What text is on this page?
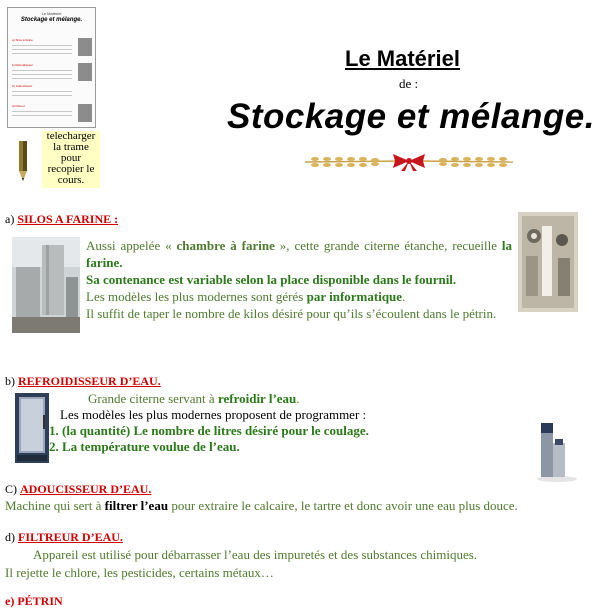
Le Matériel
Stockage et mélange.
a) Silos à farine
b) Refroidisseur
C) Adoucisseur
d) Filtreur
telecharger la trame pour recopier le cours.
Le Matériel
de :
Stockage et mélange.
a) SILOS A FARINE :
Aussi appelée « chambre à farine », cette grande citerne étanche, recueille la farine.
Sa contenance est variable selon la place disponible dans le fournil.
Les modèles les plus modernes sont gérés par informatique.
Il suffit de taper le nombre de kilos désiré pour qu’ils s’écoulent dans le pétrin.
b) REFROIDISSEUR D’EAU.
Grande citerne servant à refroidir l’eau.
Les modèles les plus modernes proposent de programmer :
1. (la quantité) Le nombre de litres désiré pour le coulage.
2. La température voulue de l’eau.
C) ADOUCISSEUR D’EAU.
Machine qui sert à filtrer l’eau pour extraire le calcaire, le tartre et donc avoir une eau plus douce.
d) FILTREUR D’EAU.
Appareil est utilisé pour débarrasser l’eau des impuretés et des substances chimiques.
Il rejette le chlore, les pesticides, certains métaux…
e) PÉTRIN
